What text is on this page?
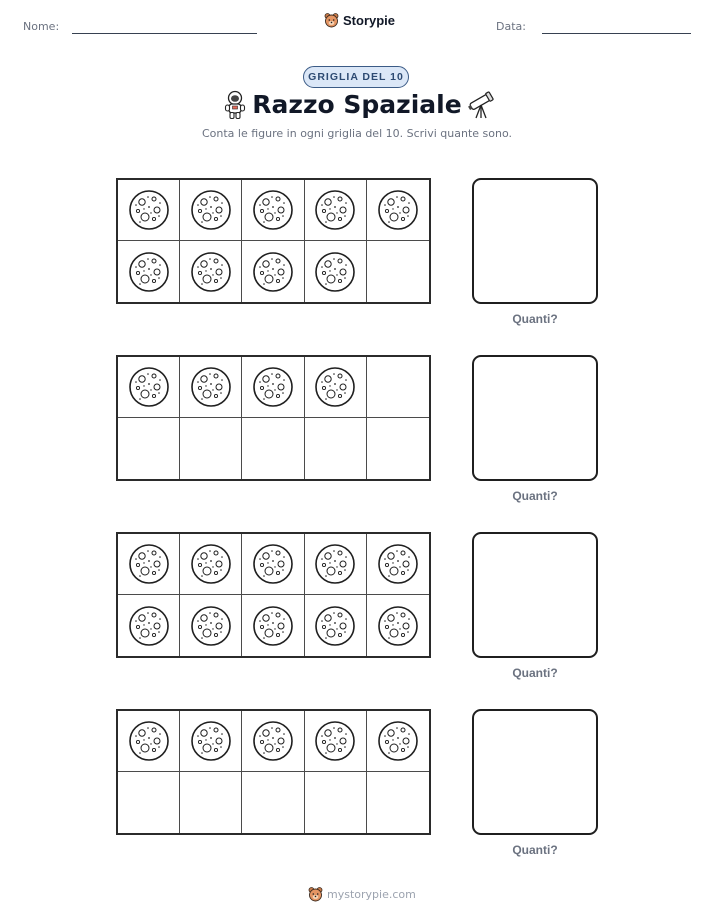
Nome:	Storypie	Data:
GRIGLIA DEL 10
Razzo Spaziale
Conta le figure in ogni griglia del 10. Scrivi quante sono.
Quanti?
Quanti?
Quanti?
Quanti?
mystorypie.com
